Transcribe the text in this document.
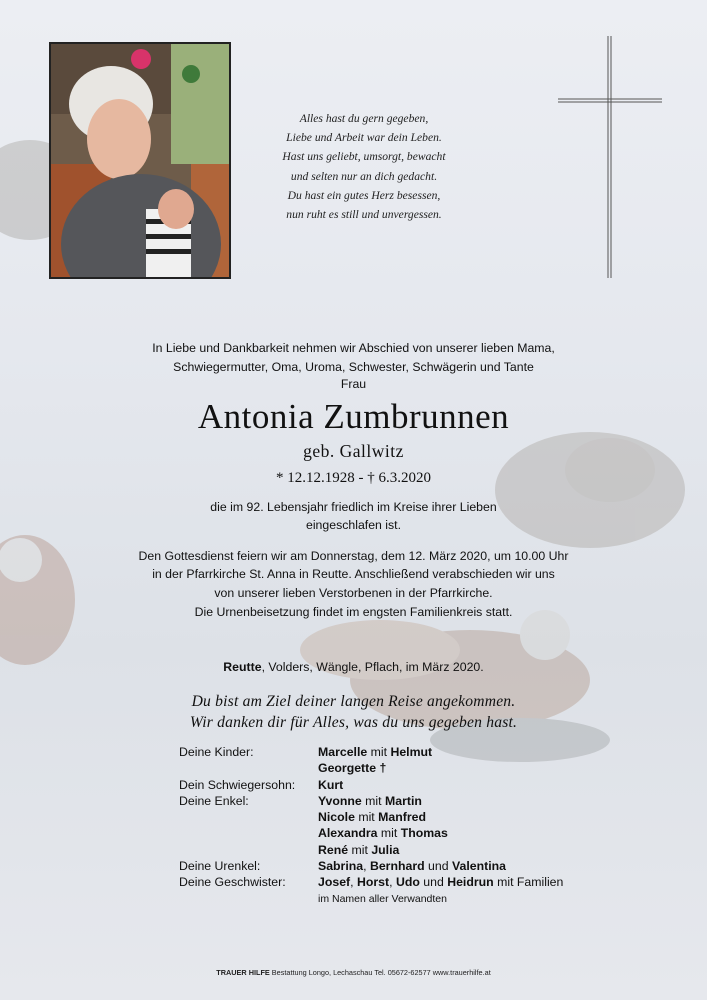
Alles hast du gern gegeben,
Liebe und Arbeit war dein Leben.
Hast uns geliebt, umsorgt, bewacht
und selten nur an dich gedacht.
Du hast ein gutes Herz besessen,
nun ruht es still und unvergessen.
In Liebe und Dankbarkeit nehmen wir Abschied von unserer lieben Mama,
Schwiegermutter, Oma, Uroma, Schwester, Schwägerin und Tante
Frau
Antonia Zumbrunnen
geb. Gallwitz
* 12.12.1928 - † 6.3.2020
die im 92. Lebensjahr friedlich im Kreise ihrer Lieben
eingeschlafen ist.
Den Gottesdienst feiern wir am Donnerstag, dem 12. März 2020, um 10.00 Uhr
in der Pfarrkirche St. Anna in Reutte. Anschließend verabschieden wir uns
von unserer lieben Verstorbenen in der Pfarrkirche.
Die Urnenbeisetzung findet im engsten Familienkreis statt.
Reutte, Volders, Wängle, Pflach, im März 2020.
Du bist am Ziel deiner langen Reise angekommen.
Wir danken dir für Alles, was du uns gegeben hast.
Deine Kinder:	Marcelle mit Helmut
Georgette †
Dein Schwiegersohn: Kurt
Deine Enkel:	Yvonne mit Martin
Nicole mit Manfred
Alexandra mit Thomas
René mit Julia
Deine Urenkel:	Sabrina, Bernhard und Valentina
Deine Geschwister:	Josef, Horst, Udo und Heidrun mit Familien
im Namen aller Verwandten
TRAUER HILFE Bestattung Longo, Lechaschau Tel. 05672-62577 www.trauerhilfe.at
